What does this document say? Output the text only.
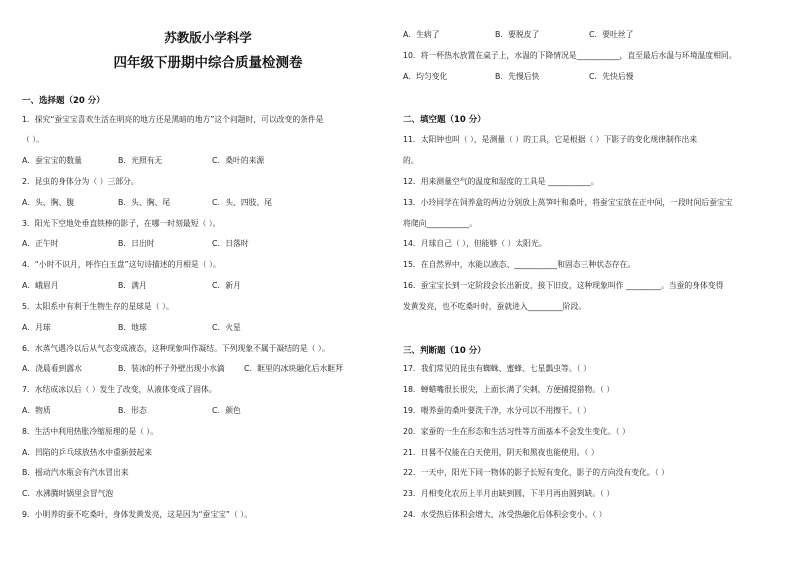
苏教版小学科学
四年级下册期中综合质量检测卷
一、选择题（20 分）
1．探究“蚕宝宝喜欢生活在明亮的地方还是黑暗的地方”这个问题时，可以改变的条件是
（ ）。
A．蚕宝宝的数量	B．光照有无	C．桑叶的来源
2．昆虫的身体分为（ ）三部分。
A．头、胸、腹	B．头、胸、尾	C．头、四肢、尾
3．阳光下空地处垂直铁棒的影子，在哪一时刻最短（ ）。
A．正午时	B．日出时	C．日落时
4．“小时不识月，呼作白玉盘”这句诗描述的月相是（ ）。
A．峨眉月	B．满月	C．新月
5．太阳系中有利于生物生存的星球是（ ）。
A．月球	B．地球	C．火星
6．水蒸气遇冷以后从气态变成液态，这种现象叫作凝结。下列现象不属于凝结的是（ ）。
A．浇晨看到露水	B．装冰的杯子外壁出现小水滴 C．眶里的冰块融化后水眶拜
7．水结成冰以后（ ）发生了改变，从液体变成了固体。
A．物质	B．形态	C．颜色
8．生活中利用热胀冷缩原理的是（ ）。
A．凹陷的乒乓球放热水中重新鼓起来
B．摇动汽水瓶会有汽水冒出来
C．水沸腾时锅里会冒气泡
9．小明养的蚕不吃桑叶，身体发黄发亮，这是因为“蚕宝宝”（ ）。
A．生病了	B．要脱皮了	C．要吐丝了
10．将一杯热水放置在桌子上，水温的下降情况是___________，直至最后水温与环境温度相同。
A．均匀变化	B．先慢后快	C．先快后慢
二、填空题（10 分）
11．太阳钟也叫（ ），是测量（ ）的工具，它是根据（ ）下影子的变化规律制作出来
的。
12．用来测量空气的温度和湿度的工具是 ___________。
13．小玲同学在饲养盒的两边分别放上莴笋叶和桑叶，将蚕宝宝放在正中间，一段时间后蚕宝宝
将爬向___________。
14．月球自己（ ），但能够（ ）太阳光。
15．在自然界中，水能以液态、___________和固态三种状态存在。
16．蚕宝宝长到一定阶段会长出新皮，接下旧皮，这种现象叫作 _________。当蚕的身体变得
发黄发亮，也不吃桑叶时，蚕就进入_________阶段。
三、判断题（10 分）
17．我们常见的昆虫有蜘蛛、蜜蜂、七星瓢虫等。（ ）
18．蝉蜡嘴很长很尖，上面长满了尖刺，方便捕提猎物。（ ）
19．喂养蚕的桑叶要洗干净，水分可以不用擦干。（ ）
20．家蚕的一生在形态和生活习性等方面基本不会发生变化。（ ）
21．日晷不仅能在白天使用，阴天和黑夜也能使用。（ ）
22．一天中，阳光下同一物体的影子长短有变化，影子的方向没有变化。（ ）
23．月相变化农历上半月由缺到圆，下半月再由圆到缺。（ ）
24．水受热后体积会增大，冰受热融化后体积会变小。（ ）
